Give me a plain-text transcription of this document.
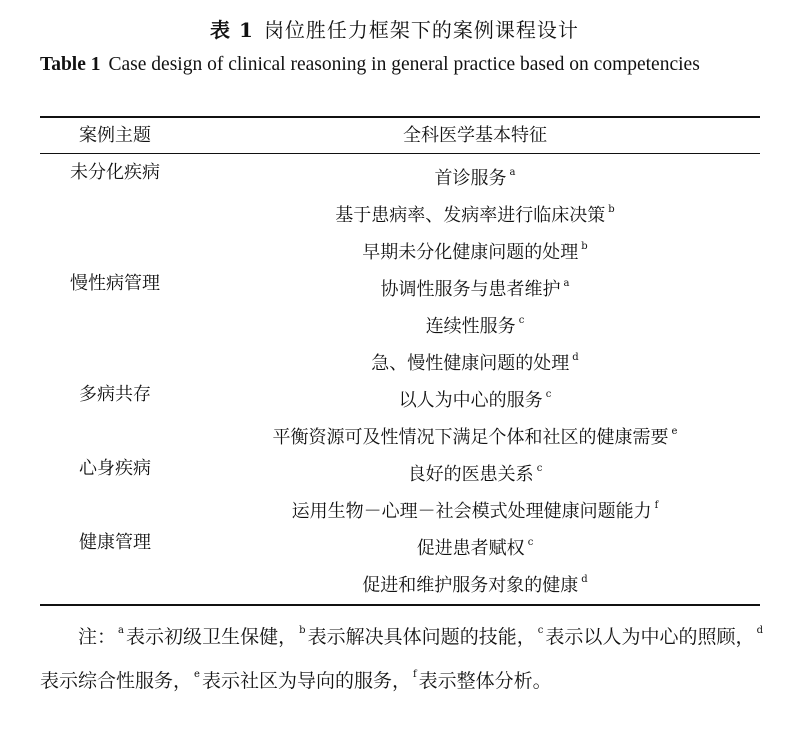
表 1 岗位胜任力框架下的案例课程设计
Table 1 Case design of clinical reasoning in general practice based on competencies
案例主题	全科医学基本特征
未分化疾病	首诊服务 $^a$
基于患病率、发病率进行临床决策 $^b$
早期未分化健康问题的处理 $^b$
慢性病管理	协调性服务与患者维护 $^a$
连续性服务 $^c$
急、慢性健康问题的处理 $^d$
多病共存	以人为中心的服务 $^c$
平衡资源可及性情况下满足个体和社区的健康需要 $^e$
心身疾病	良好的医患关系 $^c$
运用生物－心理－社会模式处理健康问题能力 $^f$
健康管理	促进患者赋权 $^c$
促进和维护服务对象的健康 $^d$
注： $^a$ 表示初级卫生保健， $^b$ 表示解决具体问题的技能， $^c$ 表示以人为中心的照顾， $^d$表示综合性服务， $^e$ 表示社区为导向的服务， $^f$ 表示整体分析。
